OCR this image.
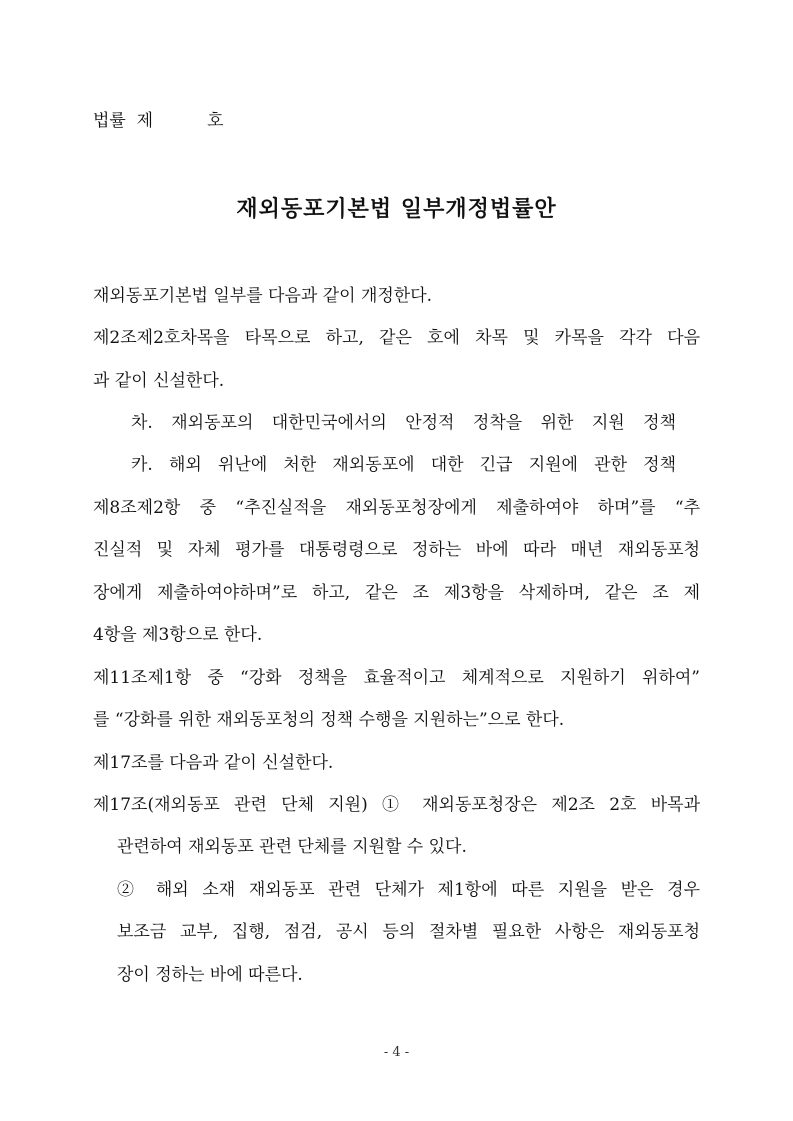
법률  제          호
재외동포기본법 일부개정법률안
재외동포기본법 일부를 다음과 같이 개정한다.
제2조제2호차목을 타목으로 하고, 같은 호에 차목 및 카목을 각각 다음
과 같이 신설한다.
차. 재외동포의 대한민국에서의 안정적 정착을 위한 지원 정책
카. 해외 위난에 처한 재외동포에 대한 긴급 지원에 관한 정책
제8조제2항 중 “추진실적을 재외동포청장에게 제출하여야 하며”를 “추
진실적 및 자체 평가를 대통령령으로 정하는 바에 따라 매년 재외동포청
장에게 제출하여야하며”로 하고, 같은 조 제3항을 삭제하며, 같은 조 제
4항을 제3항으로 한다.
제11조제1항 중 “강화 정책을 효율적이고 체계적으로 지원하기 위하여”
를 “강화를 위한 재외동포청의 정책 수행을 지원하는”으로 한다.
제17조를 다음과 같이 신설한다.
제17조(재외동포 관련 단체 지원) ① 재외동포청장은 제2조 2호 바목과
관련하여 재외동포 관련 단체를 지원할 수 있다.
② 해외 소재 재외동포 관련 단체가 제1항에 따른 지원을 받은 경우
보조금 교부, 집행, 점검, 공시 등의 절차별 필요한 사항은 재외동포청
장이 정하는 바에 따른다.
- 4 -
